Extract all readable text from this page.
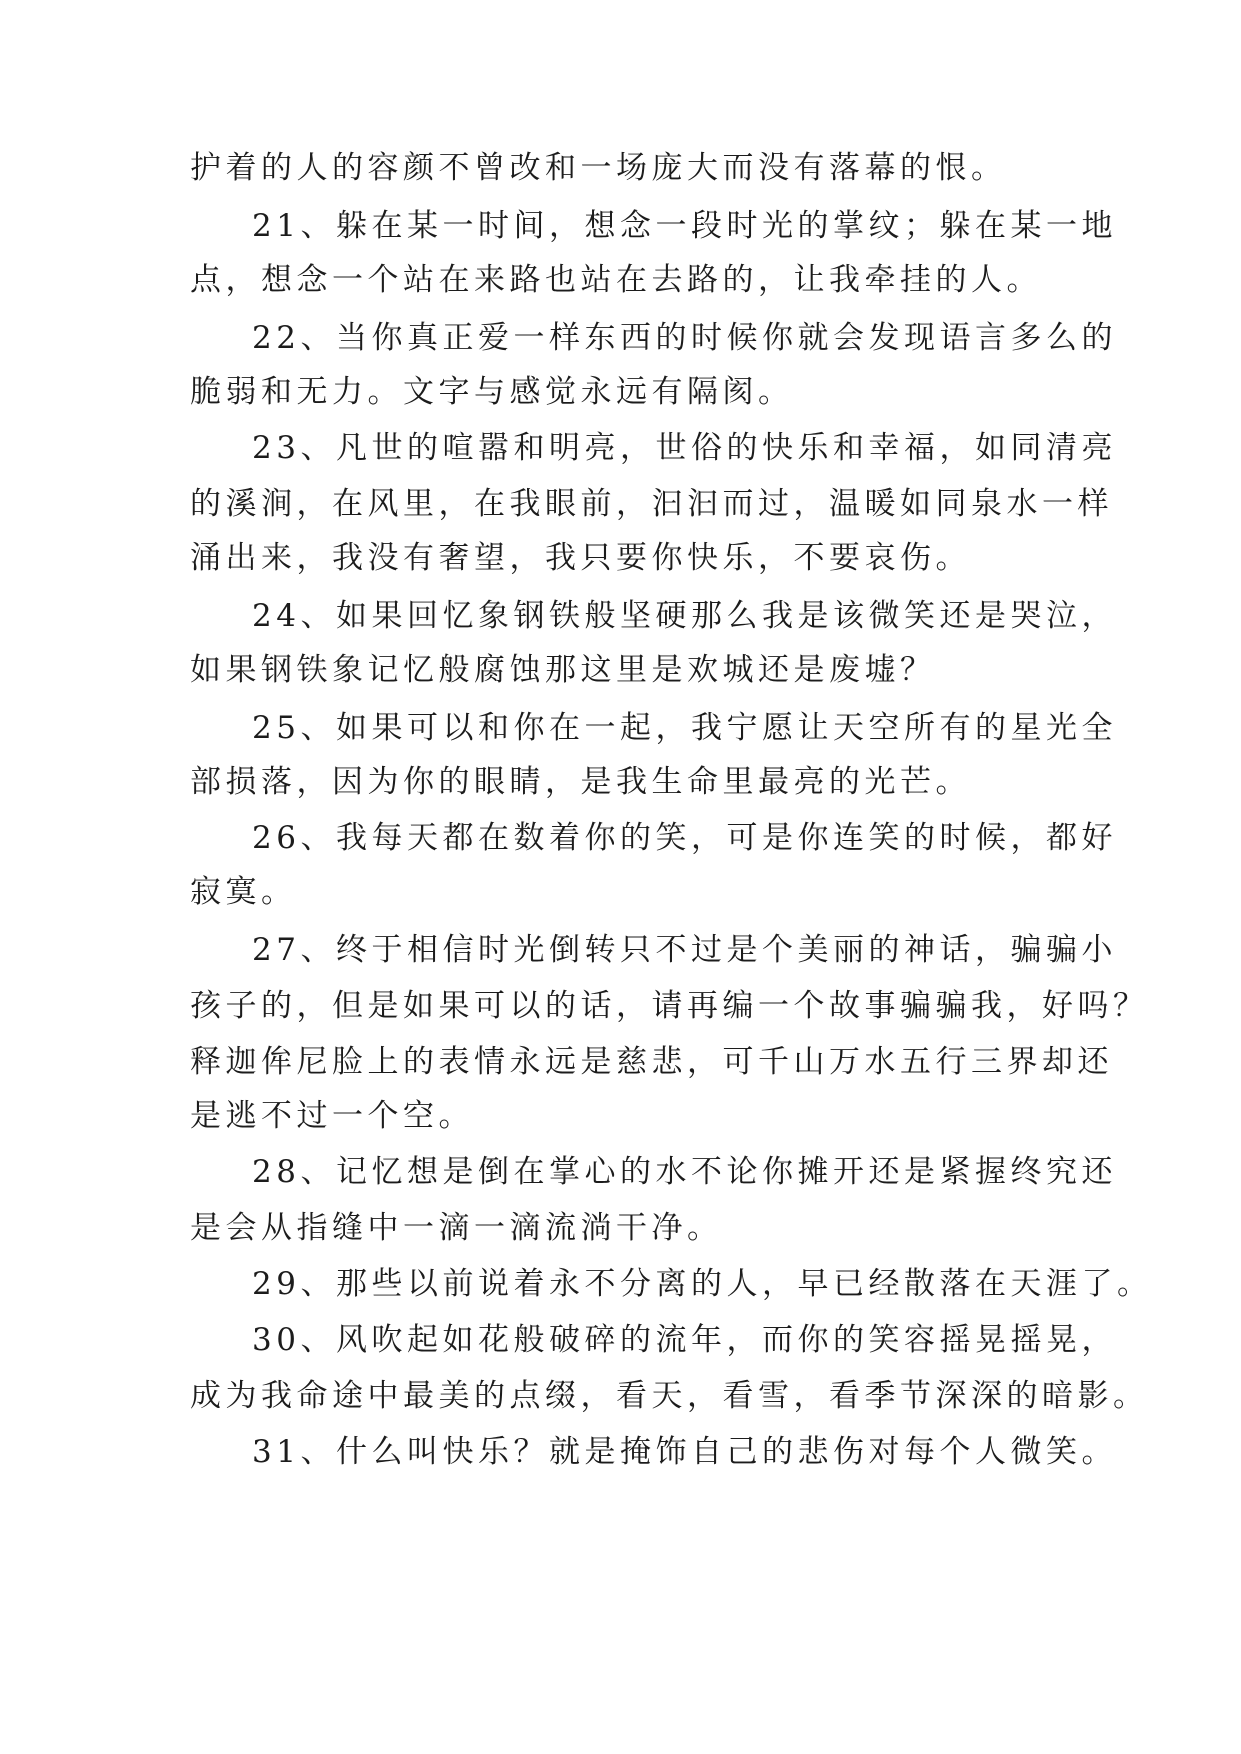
护着的人的容颜不曾改和一场庞大而没有落幕的恨。
21、躲在某一时间，想念一段时光的掌纹；躲在某一地
点，想念一个站在来路也站在去路的，让我牵挂的人。
22、当你真正爱一样东西的时候你就会发现语言多么的
脆弱和无力。文字与感觉永远有隔阂。
23、凡世的喧嚣和明亮，世俗的快乐和幸福，如同清亮
的溪涧，在风里，在我眼前，汩汩而过，温暖如同泉水一样
涌出来，我没有奢望，我只要你快乐，不要哀伤。
24、如果回忆象钢铁般坚硬那么我是该微笑还是哭泣，
如果钢铁象记忆般腐蚀那这里是欢城还是废墟？
25、如果可以和你在一起，我宁愿让天空所有的星光全
部损落，因为你的眼睛，是我生命里最亮的光芒。
26、我每天都在数着你的笑，可是你连笑的时候，都好
寂寞。
27、终于相信时光倒转只不过是个美丽的神话，骗骗小
孩子的，但是如果可以的话，请再编一个故事骗骗我，好吗？
释迦侔尼脸上的表情永远是慈悲，可千山万水五行三界却还
是逃不过一个空。
28、记忆想是倒在掌心的水不论你摊开还是紧握终究还
是会从指缝中一滴一滴流淌干净。
29、那些以前说着永不分离的人，早已经散落在天涯了。
30、风吹起如花般破碎的流年，而你的笑容摇晃摇晃，
成为我命途中最美的点缀，看天，看雪，看季节深深的暗影。
31、什么叫快乐？就是掩饰自己的悲伤对每个人微笑。
